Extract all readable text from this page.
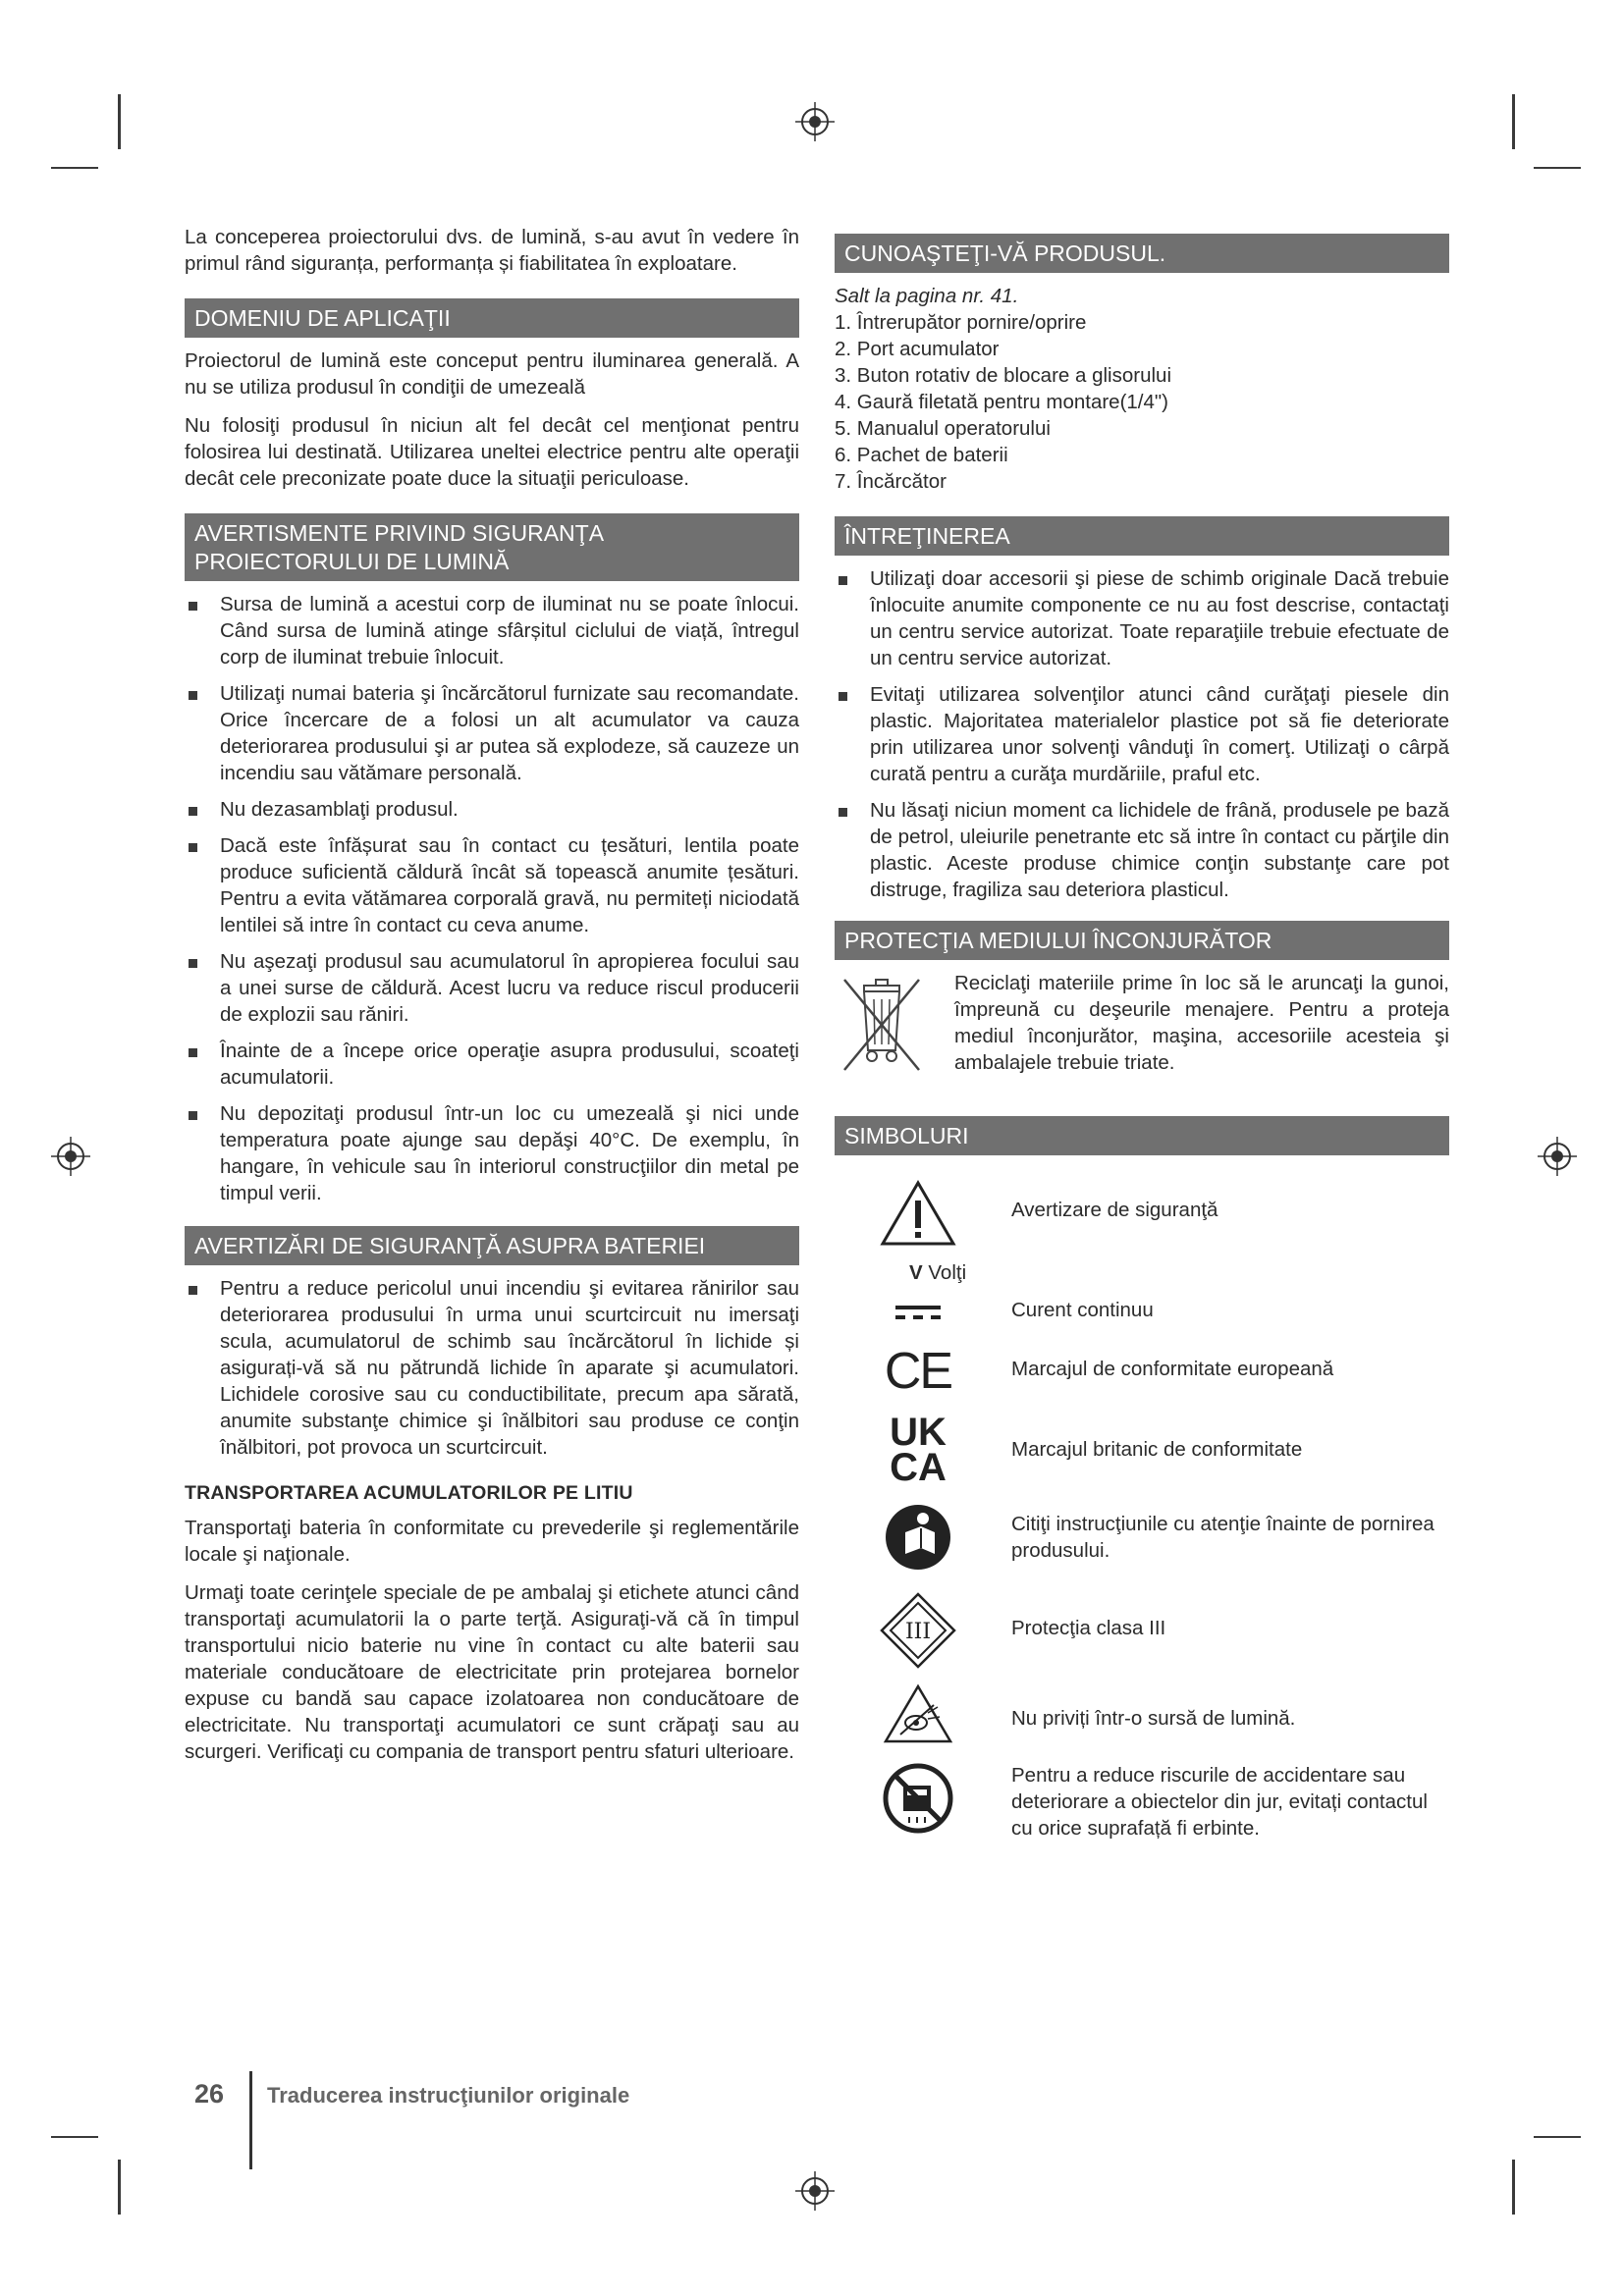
La conceperea proiectorului dvs. de lumină, s-au avut în vedere în primul rând siguranța, performanța și fiabilitatea în exploatare.

DOMENIU DE APLICAŢII

Proiectorul de lumină este conceput pentru iluminarea generală. A nu se utiliza produsul în condiţii de umezeală

Nu folosiţi produsul în niciun alt fel decât cel menţionat pentru folosirea lui destinată. Utilizarea uneltei electrice pentru alte operaţii decât cele preconizate poate duce la situaţii periculoase.

AVERTISMENTE PRIVIND SIGURANŢA PROIECTORULUI DE LUMINĂ
Sursa de lumină a acestui corp de iluminat nu se poate înlocui. Când sursa de lumină atinge sfârșitul ciclului de viață, întregul corp de iluminat trebuie înlocuit.
Utilizaţi numai bateria şi încărcătorul furnizate sau recomandate. Orice încercare de a folosi un alt acumulator va cauza deteriorarea produsului şi ar putea să explodeze, să cauzeze un incendiu sau vătămare personală.
Nu dezasamblaţi produsul.
Dacă este înfășurat sau în contact cu țesături, lentila poate produce suficientă căldură încât să topească anumite țesături. Pentru a evita vătămarea corporală gravă, nu permiteți niciodată lentilei să intre în contact cu ceva anume.
Nu aşezaţi produsul sau acumulatorul în apropierea focului sau a unei surse de căldură. Acest lucru va reduce riscul producerii de explozii sau răniri.
Înainte de a începe orice operaţie asupra produsului, scoateţi acumulatorii.
Nu depozitaţi produsul într-un loc cu umezeală şi nici unde temperatura poate ajunge sau depăşi 40°C. De exemplu, în hangare, în vehicule sau în interiorul construcţiilor din metal pe timpul verii.
AVERTIZĂRI DE SIGURANŢĂ ASUPRA BATERIEI
Pentru a reduce pericolul unui incendiu şi evitarea rănirilor sau deteriorarea produsului în urma unui scurtcircuit nu imersaţi scula, acumulatorul de schimb sau încărcătorul în lichide și asigurați-vă să nu pătrundă lichide în aparate şi acumulatori. Lichidele corosive sau cu conductibilitate, precum apa sărată, anumite substanţe chimice şi înălbitori sau produse ce conţin înălbitori, pot provoca un scurtcircuit.
TRANSPORTAREA ACUMULATORILOR PE LITIU

Transportaţi bateria în conformitate cu prevederile şi reglementările locale şi naţionale.

Urmaţi toate cerinţele speciale de pe ambalaj şi etichete atunci când transportaţi acumulatorii la o parte terţă. Asiguraţi-vă că în timpul transportului nicio baterie nu vine în contact cu alte baterii sau materiale conducătoare de electricitate prin protejarea bornelor expuse cu bandă sau capace izolatoarea non conducătoare de electricitate. Nu transportaţi acumulatori ce sunt crăpaţi sau au scurgeri. Verificaţi cu compania de transport pentru sfaturi ulterioare.

CUNOAŞTEŢI-VĂ PRODUSUL.
Salt la pagina nr. 41.
1. Întrerupător pornire/oprire
2. Port acumulator
3. Buton rotativ de blocare a glisorului
4. Gaură filetată pentru montare(1/4")
5. Manualul operatorului
6. Pachet de baterii
7. Încărcător
ÎNTREŢINEREA
Utilizaţi doar accesorii şi piese de schimb originale Dacă trebuie înlocuite anumite componente ce nu au fost descrise, contactaţi un centru service autorizat. Toate reparaţiile trebuie efectuate de un centru service autorizat.
Evitaţi utilizarea solvenţilor atunci când curăţaţi piesele din plastic. Majoritatea materialelor plastice pot să fie deteriorate prin utilizarea unor solvenţi vânduţi în comerţ. Utilizaţi o cârpă curată pentru a curăţa murdăriile, praful etc.
Nu lăsaţi niciun moment ca lichidele de frână, produsele pe bază de petrol, uleiurile penetrante etc să intre în contact cu părţile din plastic. Aceste produse chimice conţin substanţe care pot distruge, fragiliza sau deteriora plasticul.
PROTECŢIA MEDIULUI ÎNCONJURĂTOR

Reciclaţi materiile prime în loc să le aruncaţi la gunoi, împreună cu deşeurile menajere. Pentru a proteja mediul înconjurător, maşina, accesoriile acesteia şi ambalajele trebuie triate.

SIMBOLURI
Avertizare de siguranţă
V Volţi
Curent continuu
CE	Marcajul de conformitate europeană
UK
CA	Marcajul britanic de conformitate
Citiţi instrucţiunile cu atenţie înainte de pornirea produsului.
III	Protecţia clasa III
Nu priviți într-o sursă de lumină.
Pentru a reduce riscurile de accidentare sau deteriorare a obiectelor din jur, evitați contactul cu orice suprafață fi erbinte.
26 Traducerea instrucţiunilor originale
